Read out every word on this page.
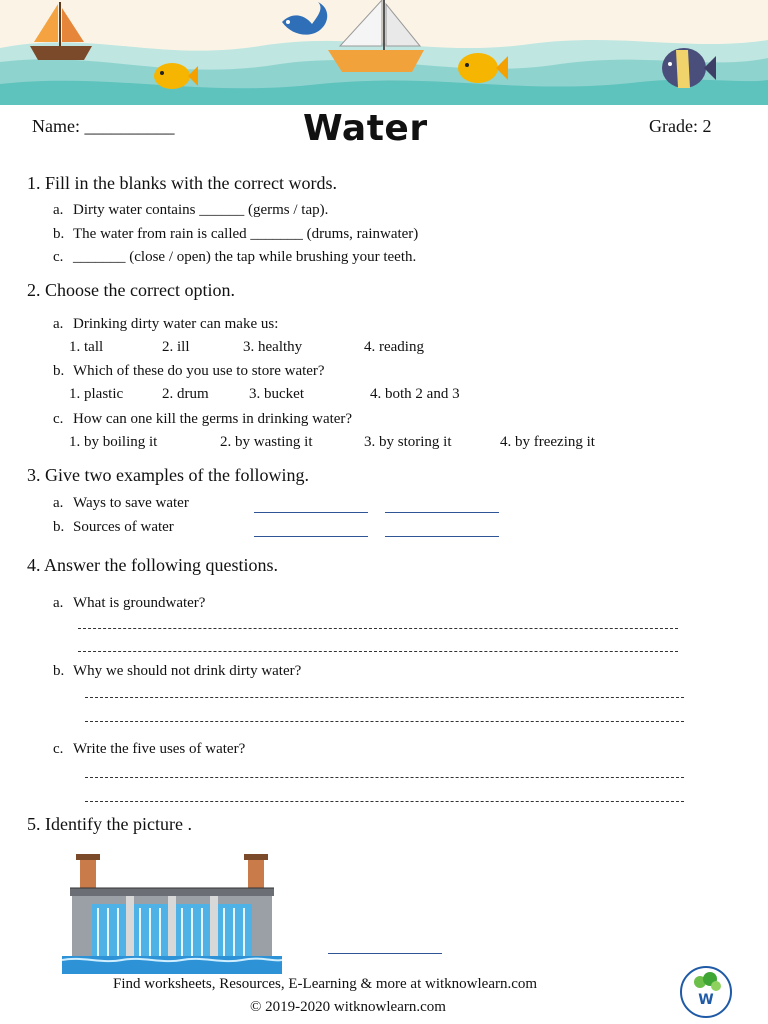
Name: __________	Water	Grade: 2
1. Fill in the blanks with the correct words.
a. Dirty water contains ______ (germs / tap).
b. The water from rain is called _______ (drums, rainwater)
c. _______ (close / open) the tap while brushing your teeth.
2. Choose the correct option.
a. Drinking dirty water can make us:
1. tall	2. ill	3. healthy	4. reading
b. Which of these do you use to store water?
1. plastic	2. drum	3. bucket	4. both 2 and 3
c. How can one kill the germs in drinking water?
1. by boiling it	2. by wasting it	3. by storing it	4. by freezing it
3. Give two examples of the following.
a. Ways to save water
b. Sources of water
4. Answer the following questions.
a. What is groundwater?
b. Why we should not drink dirty water?
c. Write the five uses of water?
5. Identify the picture .
Find worksheets, Resources, E-Learning & more at witknowlearn.com
© 2019-2020 witknowlearn.com	W
